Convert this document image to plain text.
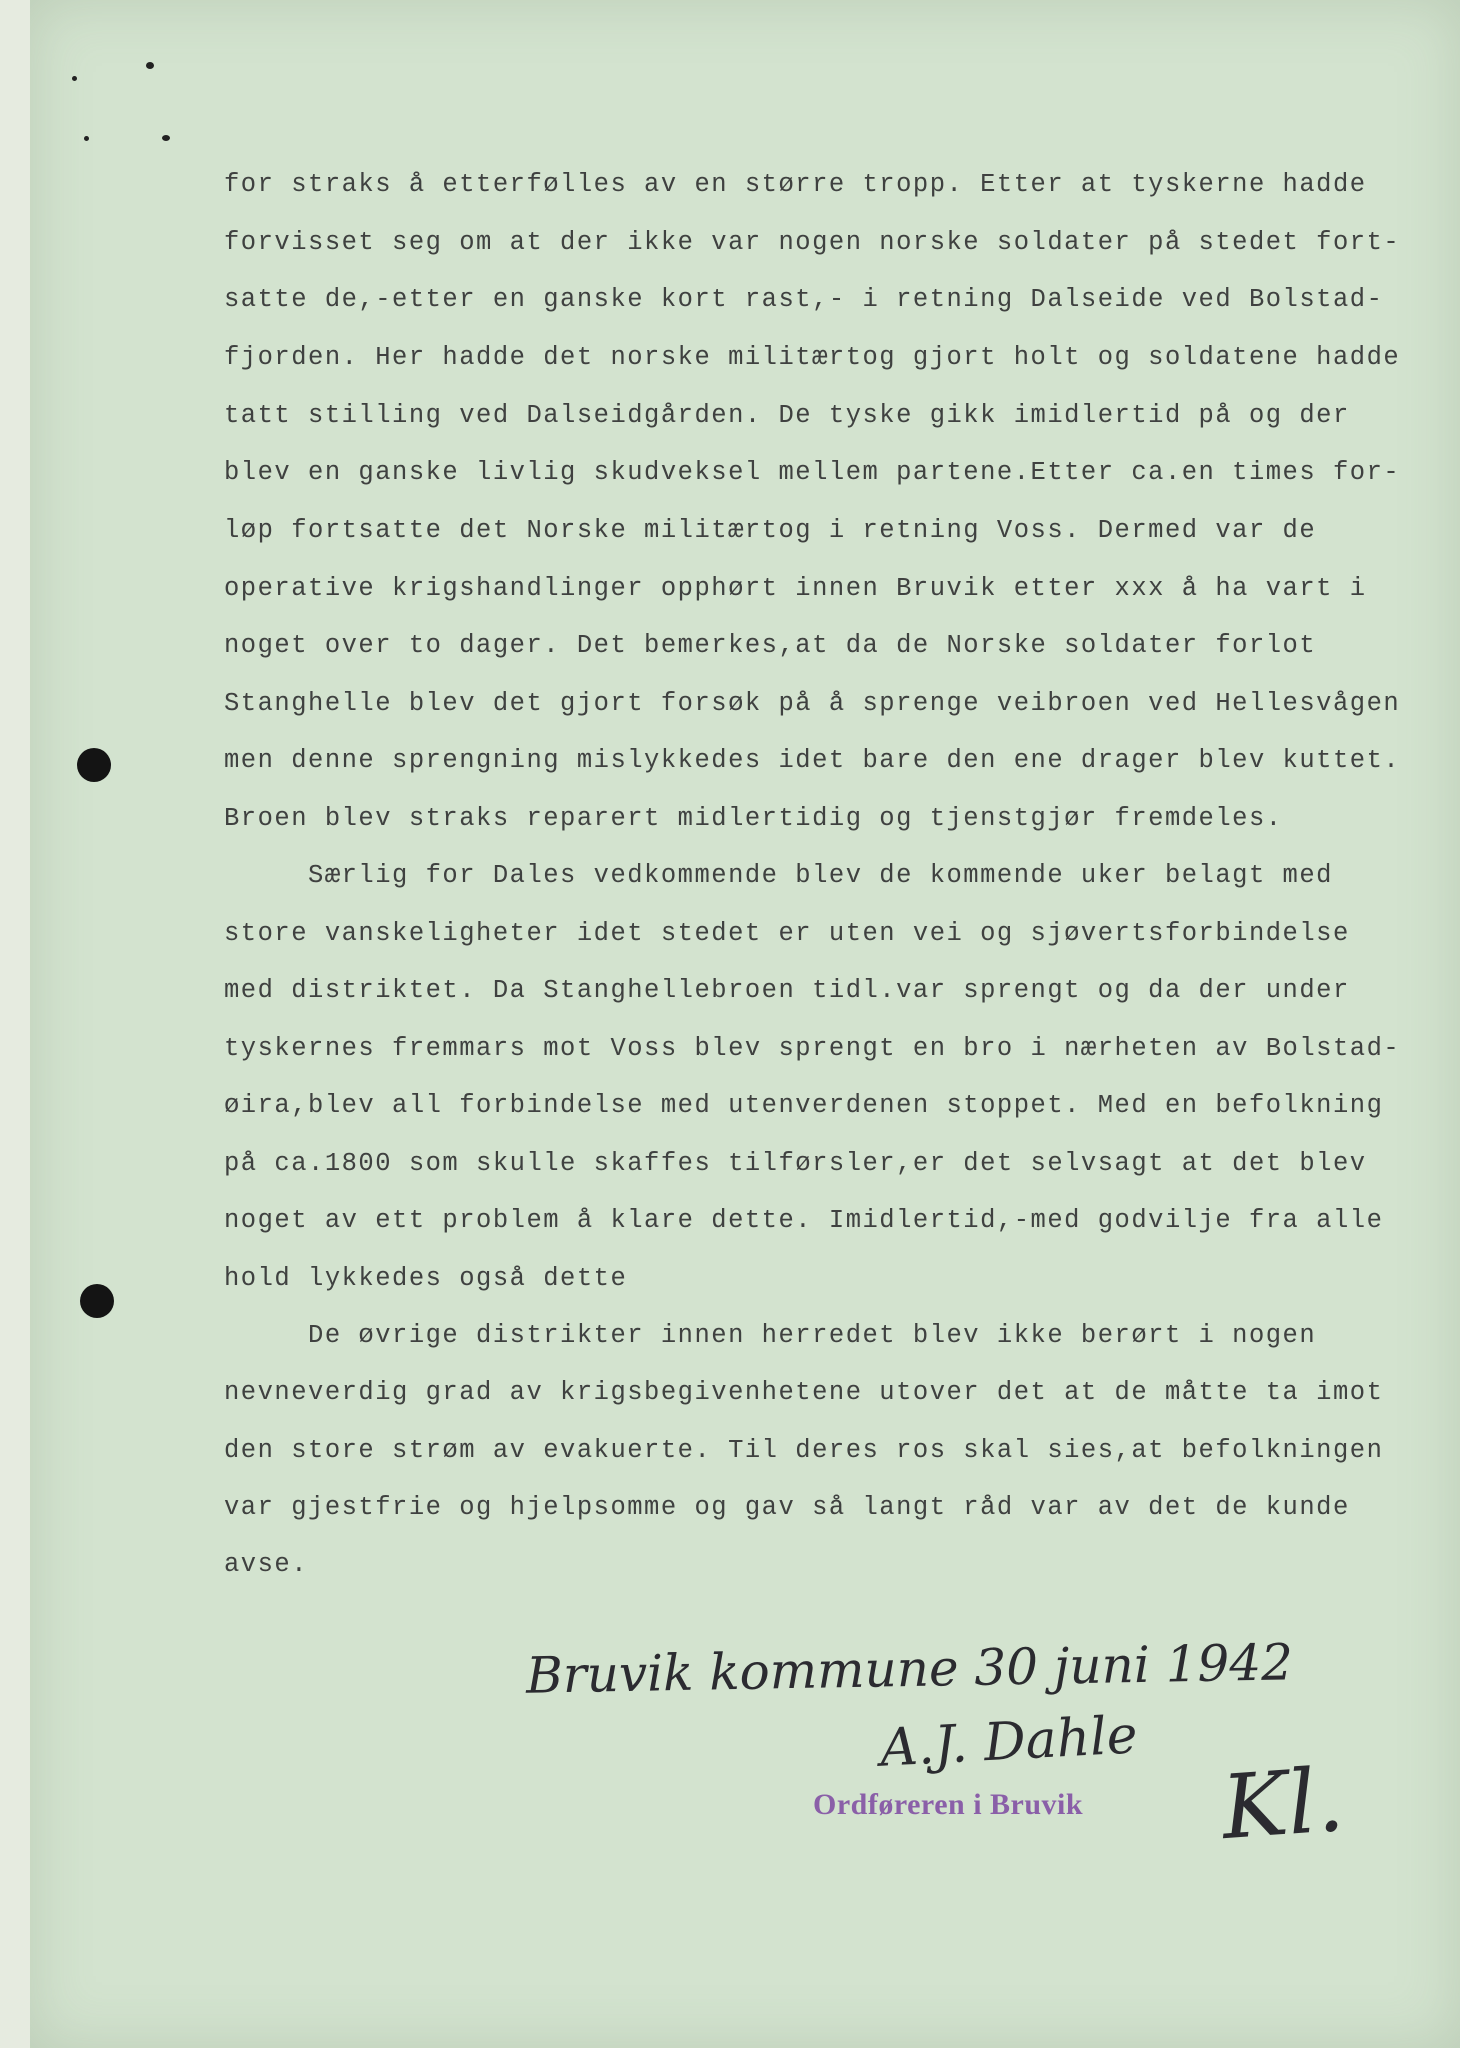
for straks å etterfølles av en større tropp. Etter at tyskerne hadde

forvisset seg om at der ikke var nogen norske soldater på stedet fort-

satte de,-etter en ganske kort rast,- i retning Dalseide ved Bolstad-

fjorden. Her hadde det norske militærtog gjort holt og soldatene hadde

tatt stilling ved Dalseidgården. De tyske gikk imidlertid på og der

blev en ganske livlig skudveksel mellem partene.Etter ca.en times for-

løp fortsatte det Norske militærtog i retning Voss. Dermed var de

operative krigshandlinger opphørt innen Bruvik etter xxx å ha vart i

noget over to dager. Det bemerkes,at da de Norske soldater forlot

Stanghelle blev det gjort forsøk på å sprenge veibroen ved Hellesvågen

men denne sprengning mislykkedes idet bare den ene drager blev kuttet.

Broen blev straks reparert midlertidig og tjenstgjør fremdeles.

Særlig for Dales vedkommende blev de kommende uker belagt med

store vanskeligheter idet stedet er uten vei og sjøvertsforbindelse

med distriktet. Da Stanghellebroen tidl.var sprengt og da der under

tyskernes fremmars mot Voss blev sprengt en bro i nærheten av Bolstad-

øira,blev all forbindelse med utenverdenen stoppet. Med en befolkning

på ca.1800 som skulle skaffes tilførsler,er det selvsagt at det blev

noget av ett problem å klare dette. Imidlertid,-med godvilje fra alle

hold lykkedes også dette

De øvrige distrikter innen herredet blev ikke berørt i nogen

nevneverdig grad av krigsbegivenhetene utover det at de måtte ta imot

den store strøm av evakuerte. Til deres ros skal sies,at befolkningen

var gjestfrie og hjelpsomme og gav så langt råd var av det de kunde

avse.

Bruvik kommune 30 juni 1942
A.J. Dahle
Ordføreren i Bruvik Kl.
